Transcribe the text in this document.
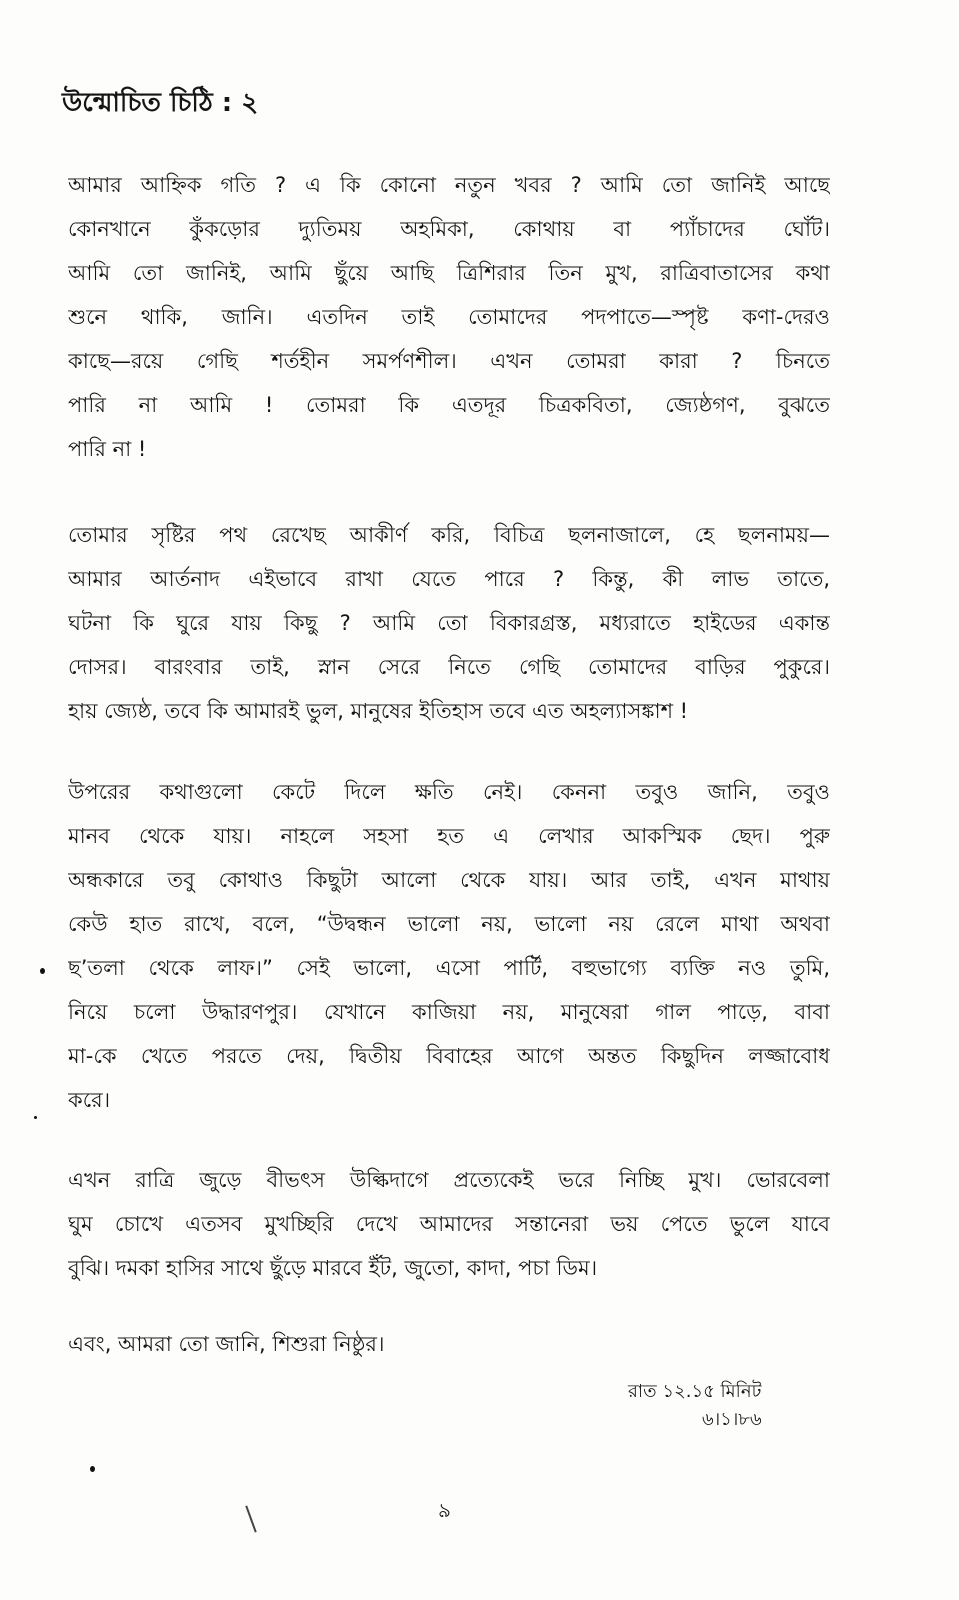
উন্মোচিত চিঠি : ২
আমার আহ্নিক গতি ? এ কি কোনো নতুন খবর ? আমি তো জানিই আছে
কোনখানে কুঁকড়োর দ্যুতিময় অহমিকা, কোথায় বা প্যাঁচাদের ঘোঁট।
আমি তো জানিই, আমি ছুঁয়ে আছি ত্রিশিরার তিন মুখ, রাত্রিবাতাসের কথা
শুনে থাকি, জানি। এতদিন তাই তোমাদের পদপাতে—স্পৃষ্ট কণা-দেরও
কাছে—রয়ে গেছি শর্তহীন সমর্পণশীল। এখন তোমরা কারা ? চিনতে
পারি না আমি ! তোমরা কি এতদূর চিত্রকবিতা, জ্যেষ্ঠগণ, বুঝতে
পারি না !
তোমার সৃষ্টির পথ রেখেছ আকীর্ণ করি, বিচিত্র ছলনাজালে, হে ছলনাময়—
আমার আর্তনাদ এইভাবে রাখা যেতে পারে ? কিন্তু, কী লাভ তাতে,
ঘটনা কি ঘুরে যায় কিছু ? আমি তো বিকারগ্রস্ত, মধ্যরাতে হাইডের একান্ত
দোসর। বারংবার তাই, স্নান সেরে নিতে গেছি তোমাদের বাড়ির পুকুরে।
হায় জ্যেষ্ঠ, তবে কি আমারই ভুল, মানুষের ইতিহাস তবে এত অহল্যাসঙ্কাশ !
উপরের কথাগুলো কেটে দিলে ক্ষতি নেই। কেননা তবুও জানি, তবুও
মানব থেকে যায়। নাহলে সহসা হত এ লেখার আকস্মিক ছেদ। পুরু
অন্ধকারে তবু কোথাও কিছুটা আলো থেকে যায়। আর তাই, এখন মাথায়
কেউ হাত রাখে, বলে, “উদ্বন্ধন ভালো নয়, ভালো নয় রেলে মাথা অথবা
ছ’তলা থেকে লাফ।” সেই ভালো, এসো পার্টি, বহুভাগ্যে ব্যক্তি নও তুমি,
নিয়ে চলো উদ্ধারণপুর। যেখানে কাজিয়া নয়, মানুষেরা গাল পাড়ে, বাবা
মা-কে খেতে পরতে দেয়, দ্বিতীয় বিবাহের আগে অন্তত কিছুদিন লজ্জাবোধ
করে।
এখন রাত্রি জুড়ে বীভৎস উল্কিদাগে প্রত্যেকেই ভরে নিচ্ছি মুখ। ভোরবেলা
ঘুম চোখে এতসব মুখচ্ছিরি দেখে আমাদের সন্তানেরা ভয় পেতে ভুলে যাবে
বুঝি। দমকা হাসির সাথে ছুঁড়ে মারবে ইঁট, জুতো, কাদা, পচা ডিম।
এবং, আমরা তো জানি, শিশুরা নিষ্ঠুর।
রাত ১২.১৫ মিনিট
৬।১।৮৬
৯
